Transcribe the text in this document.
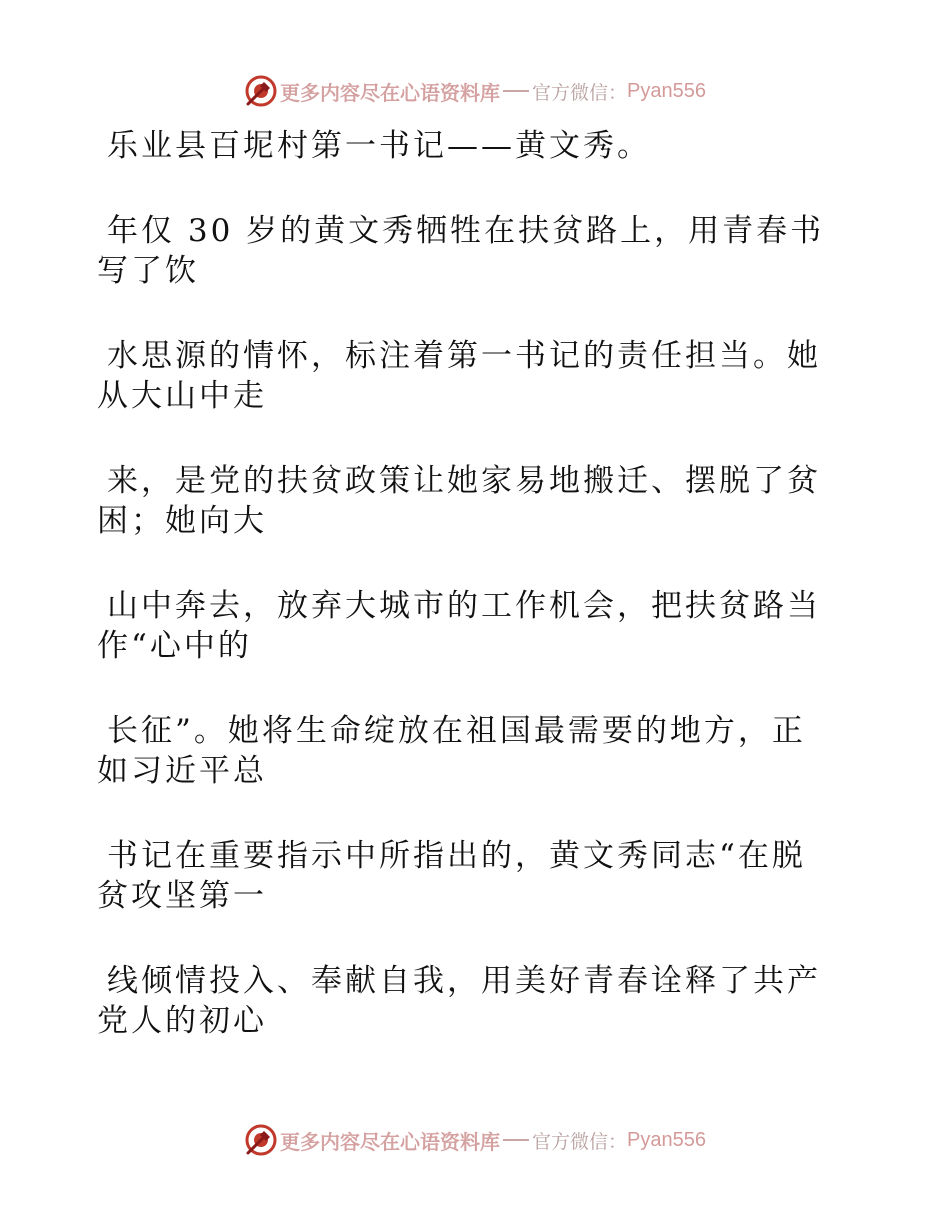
更多内容尽在心语资料库 官方微信： Pyan556
乐业县百坭村第一书记——黄文秀。
年仅 30 岁的黄文秀牺牲在扶贫路上，用青春书
写了饮
水思源的情怀，标注着第一书记的责任担当。她
从大山中走
来，是党的扶贫政策让她家易地搬迁、摆脱了贫
困；她向大
山中奔去，放弃大城市的工作机会，把扶贫路当
作“心中的
长征”。她将生命绽放在祖国最需要的地方，正
如习近平总
书记在重要指示中所指出的，黄文秀同志“在脱
贫攻坚第一
线倾情投入、奉献自我，用美好青春诠释了共产
党人的初心
更多内容尽在心语资料库 官方微信： Pyan556
